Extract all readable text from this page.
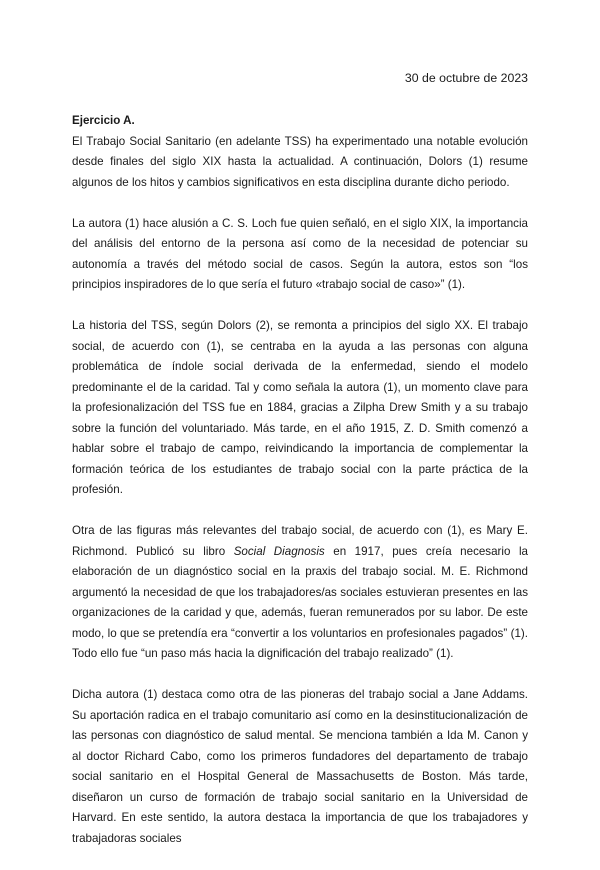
30 de octubre de 2023
Ejercicio A.

El Trabajo Social Sanitario (en adelante TSS) ha experimentado una notable evolución desde finales del siglo XIX hasta la actualidad. A continuación, Dolors (1) resume algunos de los hitos y cambios significativos en esta disciplina durante dicho periodo.

La autora (1) hace alusión a C. S. Loch fue quien señaló, en el siglo XIX, la importancia del análisis del entorno de la persona así como de la necesidad de potenciar su autonomía a través del método social de casos. Según la autora, estos son “los principios inspiradores de lo que sería el futuro «trabajo social de caso»” (1).

La historia del TSS, según Dolors (2), se remonta a principios del siglo XX. El trabajo social, de acuerdo con (1), se centraba en la ayuda a las personas con alguna problemática de índole social derivada de la enfermedad, siendo el modelo predominante el de la caridad. Tal y como señala la autora (1), un momento clave para la profesionalización del TSS fue en 1884, gracias a Zilpha Drew Smith y a su trabajo sobre la función del voluntariado. Más tarde, en el año 1915, Z. D. Smith comenzó a hablar sobre el trabajo de campo, reivindicando la importancia de complementar la formación teórica de los estudiantes de trabajo social con la parte práctica de la profesión.

Otra de las figuras más relevantes del trabajo social, de acuerdo con (1), es Mary E. Richmond. Publicó su libro Social Diagnosis en 1917, pues creía necesario la elaboración de un diagnóstico social en la praxis del trabajo social. M. E. Richmond argumentó la necesidad de que los trabajadores/as sociales estuvieran presentes en las organizaciones de la caridad y que, además, fueran remunerados por su labor. De este modo, lo que se pretendía era “convertir a los voluntarios en profesionales pagados” (1). Todo ello fue “un paso más hacia la dignificación del trabajo realizado” (1).

Dicha autora (1) destaca como otra de las pioneras del trabajo social a Jane Addams. Su aportación radica en el trabajo comunitario así como en la desinstitucionalización de las personas con diagnóstico de salud mental. Se menciona también a Ida M. Canon y al doctor Richard Cabo, como los primeros fundadores del departamento de trabajo social sanitario en el Hospital General de Massachusetts de Boston. Más tarde, diseñaron un curso de formación de trabajo social sanitario en la Universidad de Harvard. En este sentido, la autora destaca la importancia de que los trabajadores y trabajadoras sociales
